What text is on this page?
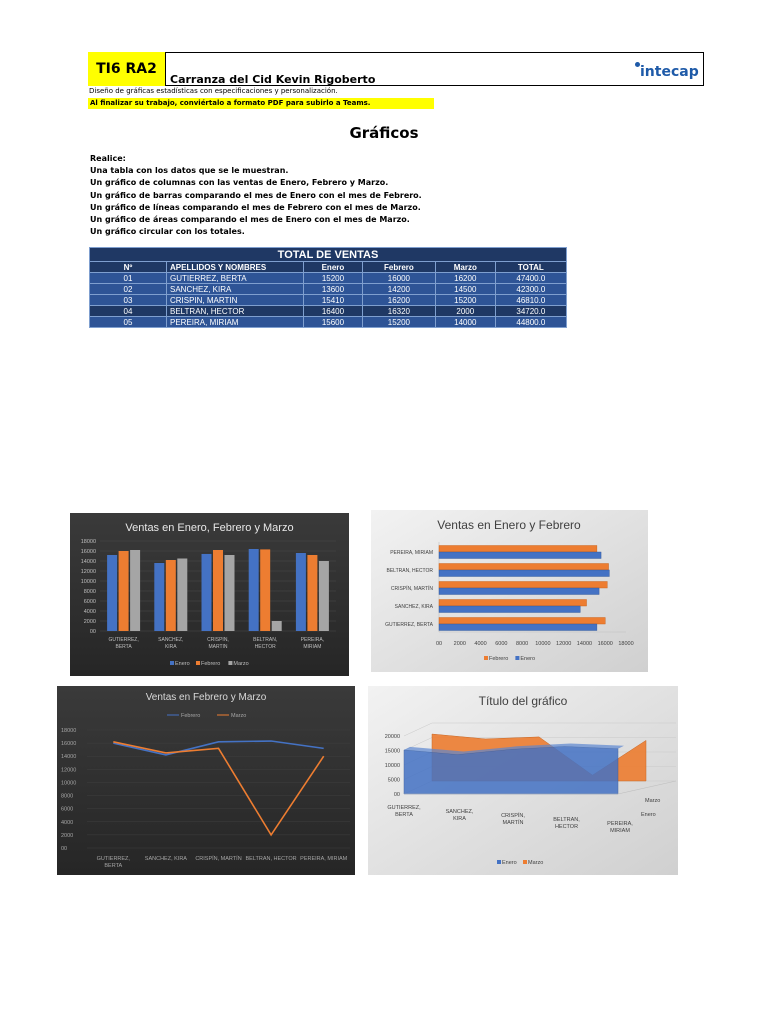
TI6 RA2
Carranza del Cid Kevin Rigoberto	intecap
Diseño de gráficas estadísticas con especificaciones y personalización.
Al finalizar su trabajo, conviértalo a formato PDF para subirlo a Teams.
Gráficos
Realice:
Una tabla con los datos que se le muestran.
Un gráfico de columnas con las ventas de Enero, Febrero y Marzo.
Un gráfico de barras comparando el mes de Enero con el mes de Febrero.
Un gráfico de líneas comparando el mes de Febrero con el mes de Marzo.
Un gráfico de áreas comparando el mes de Enero con el mes de Marzo.
Un gráfico circular con los totales.
TOTAL DE VENTAS					
Nº	APELLIDOS Y NOMBRES	Enero	Febrero	Marzo	TOTAL
01	GUTIERREZ, BERTA	15200	16000	16200	47400.0
02	SANCHEZ, KIRA	13600	14200	14500	42300.0
03	CRISPIN, MARTIN	15410	16200	15200	46810.0
04	BELTRAN, HECTOR	16400	16320	2000	34720.0
05	PEREIRA, MIRIAM	15600	15200	14000	44800.0
Ventas en Enero, Febrero y Marzo
00
2000
4000
6000
8000
10000
12000
14000
16000
18000
GUTIERREZ,
BERTA
SANCHEZ,
KIRA
CRISPIN,
MARTIN
BELTRAN,
HECTOR
PEREIRA,
MIRIAM
Enero Febrero Marzo
Ventas en Enero y Febrero
00 2000 4000 6000 8000 10000 12000 14000 16000 18000
GUTIERREZ, BERTA
SANCHEZ, KIRA
CRISPÍN, MARTÍN
BELTRAN, HECTOR
PEREIRA, MIRIAM
Febrero Enero
Ventas en Febrero y Marzo
00
2000
4000
6000
8000
10000
12000
14000
16000
18000
GUTIERREZ,
BERTA
SANCHEZ, KIRA CRISPÍN, MARTÍN BELTRAN, HECTOR PEREIRA, MIRIAM
Febrero	Marzo
Título del gráfico
00
5000
10000
15000
20000
GUTIERREZ,
BERTA	SANCHEZ,
KIRA	CRISPÍN,
MARTÍN	BELTRAN,
HECTOR	PEREIRA,
MIRIAM
Marzo
Enero
Enero Marzo
